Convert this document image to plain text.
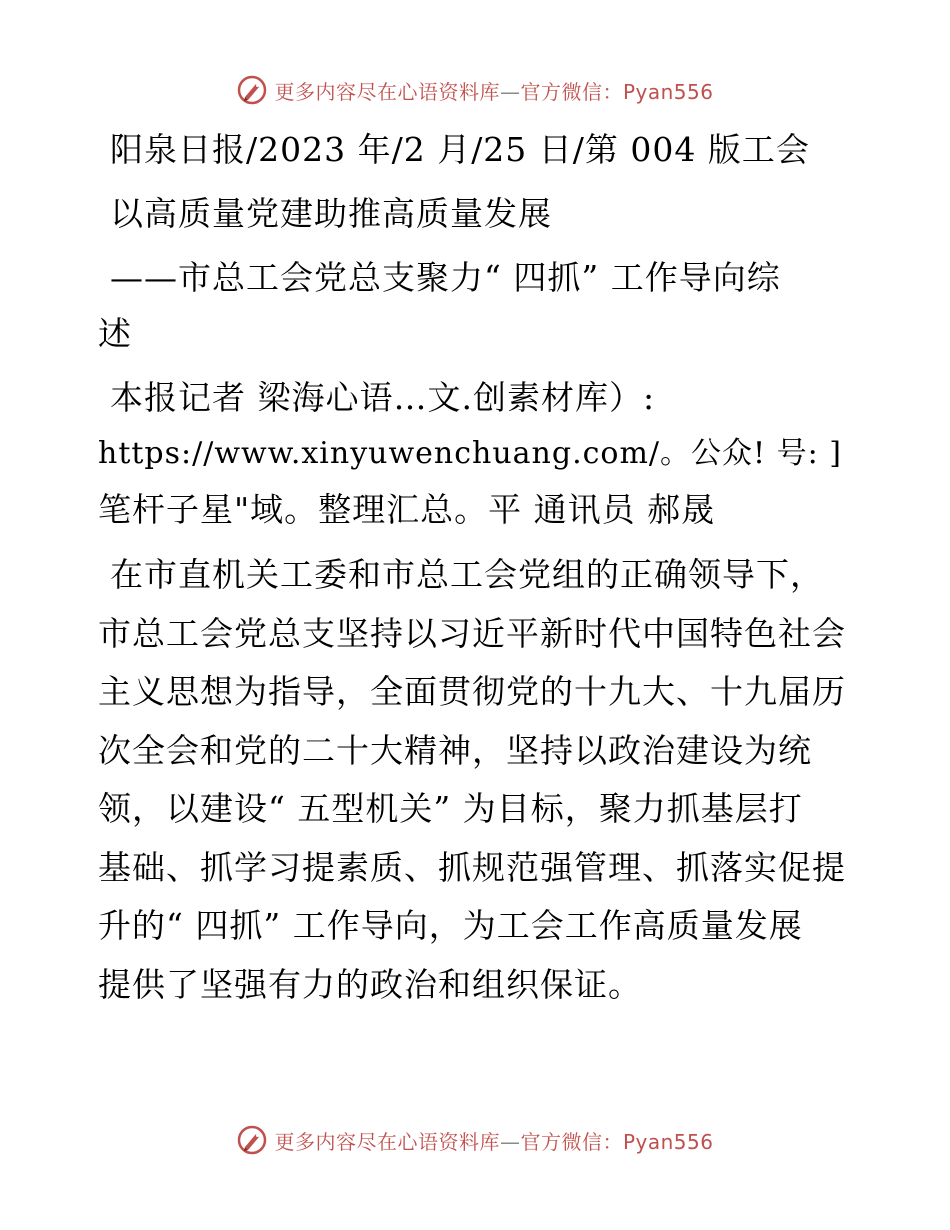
更多内容尽在心语资料库—官方微信：Pyan556

阳泉日报/2023 年/2 月/25 日/第 004 版工会

以高质量党建助推高质量发展

——市总工会党总支聚力“ 四抓” 工作导向综

述

本报记者 梁海心语…文.创素材库）:

https://www.xinyuwenchuang.com/。公众! 号: ]

笔杆子星"域。整理汇总。平 通讯员 郝晟

在市直机关工委和市总工会党组的正确领导下，

市总工会党总支坚持以习近平新时代中国特色社会

主义思想为指导，全面贯彻党的十九大、十九届历

次全会和党的二十大精神，坚持以政治建设为统

领，以建设“ 五型机关” 为目标，聚力抓基层打

基础、抓学习提素质、抓规范强管理、抓落实促提

升的“ 四抓” 工作导向，为工会工作高质量发展

提供了坚强有力的政治和组织保证。

更多内容尽在心语资料库—官方微信：Pyan556
